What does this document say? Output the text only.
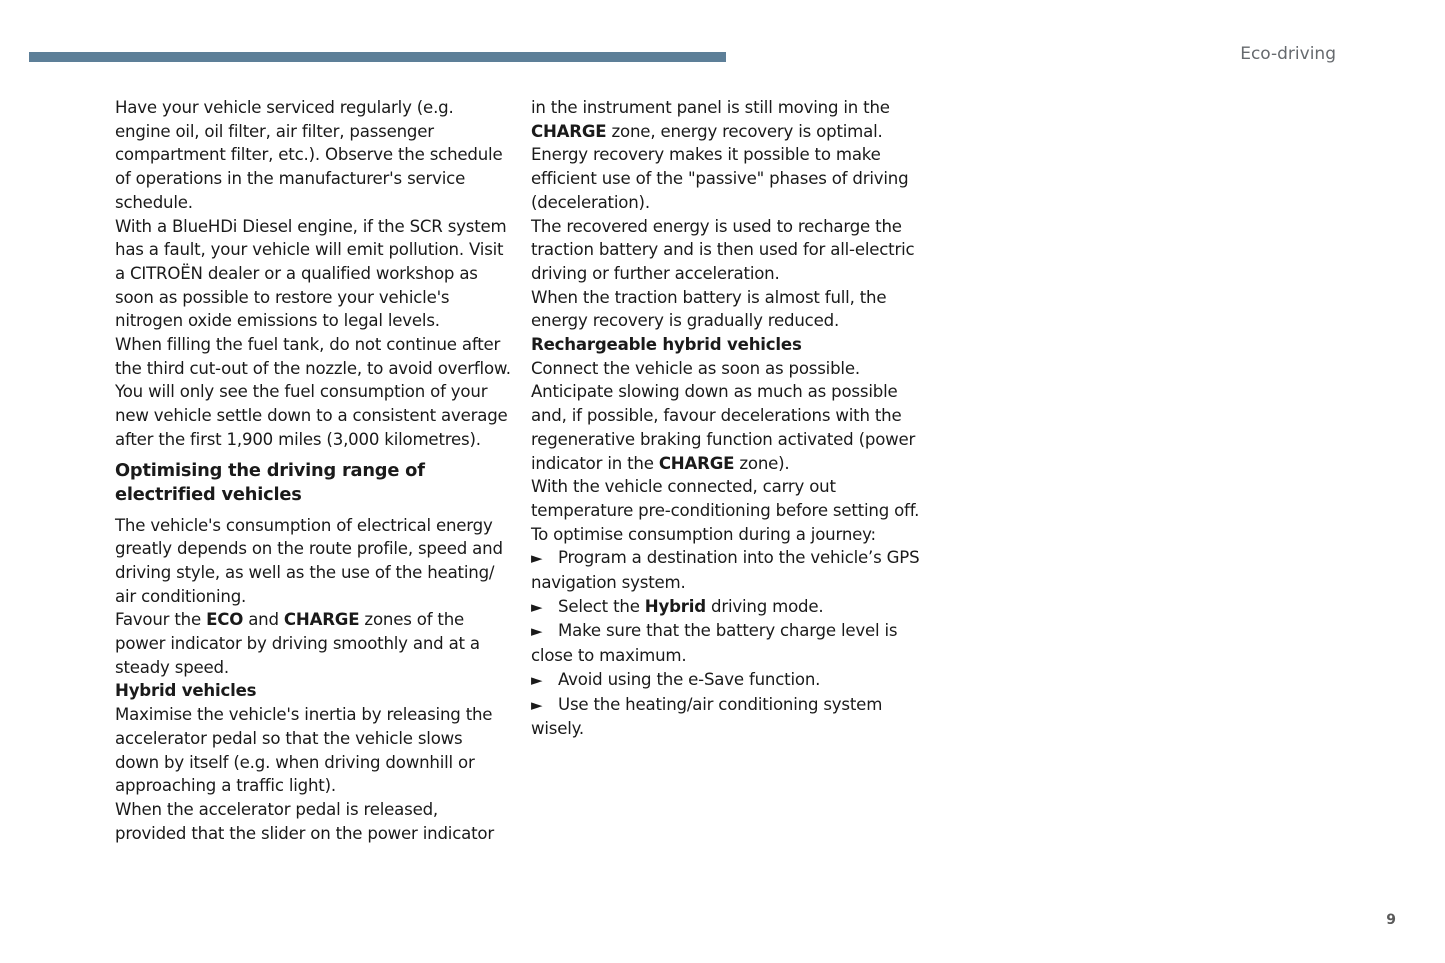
Eco-driving

Have your vehicle serviced regularly (e.g. engine oil, oil filter, air filter, passenger compartment filter, etc.). Observe the schedule of operations in the manufacturer's service schedule.

With a BlueHDi Diesel engine, if the SCR system has a fault, your vehicle will emit pollution. Visit a CITROËN dealer or a qualified workshop as soon as possible to restore your vehicle's nitrogen oxide emissions to legal levels.

When filling the fuel tank, do not continue after the third cut-out of the nozzle, to avoid overflow.

You will only see the fuel consumption of your new vehicle settle down to a consistent average after the first 1,900 miles (3,000 kilometres).

Optimising the driving range of electrified vehicles

The vehicle's consumption of electrical energy greatly depends on the route profile, speed and driving style, as well as the use of the heating/ air conditioning.

Favour the ECO and CHARGE zones of the power indicator by driving smoothly and at a steady speed.

Hybrid vehicles

Maximise the vehicle's inertia by releasing the accelerator pedal so that the vehicle slows down by itself (e.g. when driving downhill or approaching a traffic light).

When the accelerator pedal is released, provided that the slider on the power indicator

in the instrument panel is still moving in the CHARGE zone, energy recovery is optimal.

Energy recovery makes it possible to make efficient use of the "passive" phases of driving (deceleration).

The recovered energy is used to recharge the traction battery and is then used for all-electric driving or further acceleration.

When the traction battery is almost full, the energy recovery is gradually reduced.

Rechargeable hybrid vehicles

Connect the vehicle as soon as possible.

Anticipate slowing down as much as possible and, if possible, favour decelerations with the regenerative braking function activated (power indicator in the CHARGE zone).

With the vehicle connected, carry out temperature pre-conditioning before setting off.

To optimise consumption during a journey:

► Program a destination into the vehicle’s GPS navigation system.

► Select the Hybrid driving mode.

► Make sure that the battery charge level is close to maximum.

► Avoid using the e-Save function.

► Use the heating/air conditioning system wisely.

9
